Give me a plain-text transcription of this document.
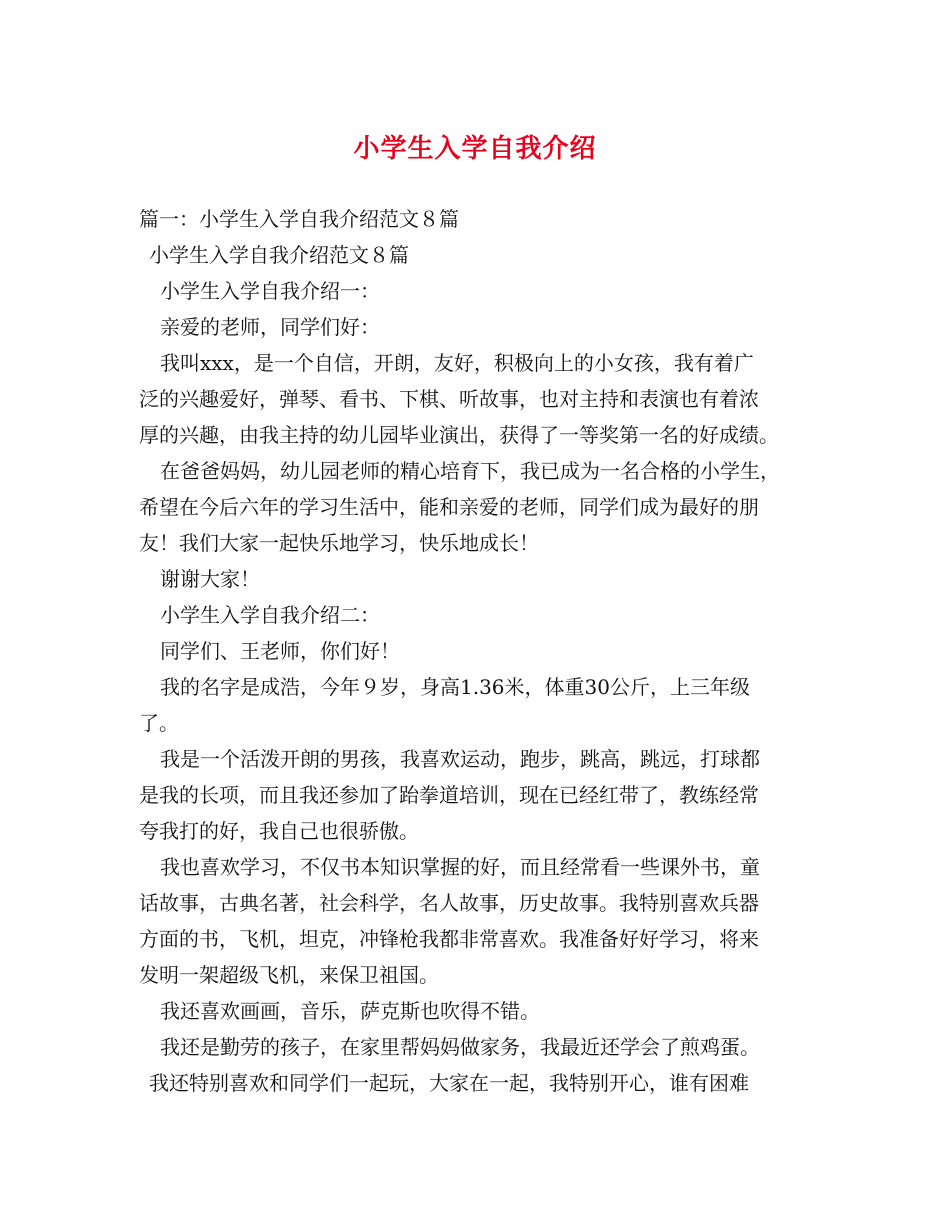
小学生入学自我介绍
篇一：小学生入学自我介绍范文８篇
小学生入学自我介绍范文８篇
小学生入学自我介绍一：
亲爱的老师，同学们好：
我叫xxx，是一个自信，开朗，友好，积极向上的小女孩，我有着广
泛的兴趣爱好，弹琴、看书、下棋、听故事，也对主持和表演也有着浓
厚的兴趣，由我主持的幼儿园毕业演出，获得了一等奖第一名的好成绩。
在爸爸妈妈，幼儿园老师的精心培育下，我已成为一名合格的小学生，
希望在今后六年的学习生活中，能和亲爱的老师，同学们成为最好的朋
友！我们大家一起快乐地学习，快乐地成长！
谢谢大家！
小学生入学自我介绍二：
同学们、王老师，你们好！
我的名字是成浩，今年９岁，身高1.36米，体重30公斤，上三年级
了。
我是一个活泼开朗的男孩，我喜欢运动，跑步，跳高，跳远，打球都
是我的长项，而且我还参加了跆拳道培训，现在已经红带了，教练经常
夸我打的好，我自己也很骄傲。
我也喜欢学习，不仅书本知识掌握的好，而且经常看一些课外书，童
话故事，古典名著，社会科学，名人故事，历史故事。我特别喜欢兵器
方面的书，飞机，坦克，冲锋枪我都非常喜欢。我准备好好学习，将来
发明一架超级飞机，来保卫祖国。
我还喜欢画画，音乐，萨克斯也吹得不错。
我还是勤劳的孩子，在家里帮妈妈做家务，我最近还学会了煎鸡蛋。
我还特别喜欢和同学们一起玩，大家在一起，我特别开心，谁有困难
